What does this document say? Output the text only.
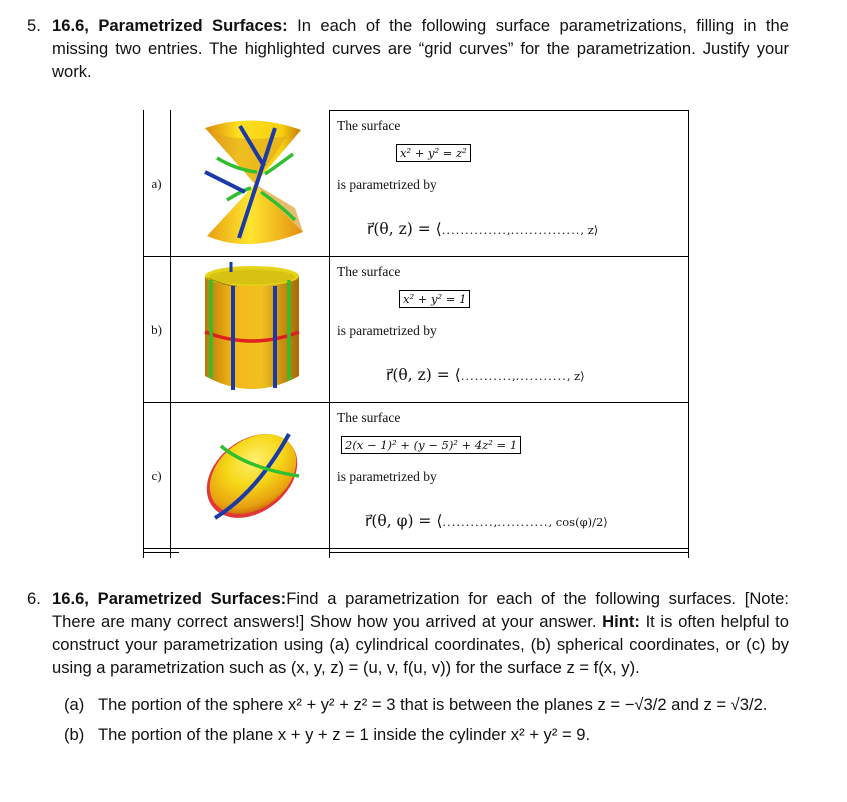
5. 16.6, Parametrized Surfaces: In each of the following surface parametrizations, filling in the missing two entries. The highlighted curves are “grid curves” for the parametrization. Justify your work.
a)
The surface
x² + y² = z²
is parametrized by
r⃗(θ, z) = ⟨..............,..............., z⟩
b)
The surface
x² + y² = 1
is parametrized by
r⃗(θ, z) = ⟨...........,..........., z⟩
c)
The surface
2(x − 1)² + (y − 5)² + 4z² = 1
is parametrized by
r⃗(θ, φ) = ⟨...........,..........., cos(φ)/2⟩
6. 16.6, Parametrized Surfaces:Find a parametrization for each of the following surfaces. [Note: There are many correct answers!] Show how you arrived at your answer. Hint: It is often helpful to construct your parametrization using (a) cylindrical coordinates, (b) spherical coordinates, or (c) by using a parametrization such as (x, y, z) = (u, v, f(u, v)) for the surface z = f(x, y).
(a) The portion of the sphere x² + y² + z² = 3 that is between the planes z = −√3/2 and z = √3/2.
(b) The portion of the plane x + y + z = 1 inside the cylinder x² + y² = 9.
